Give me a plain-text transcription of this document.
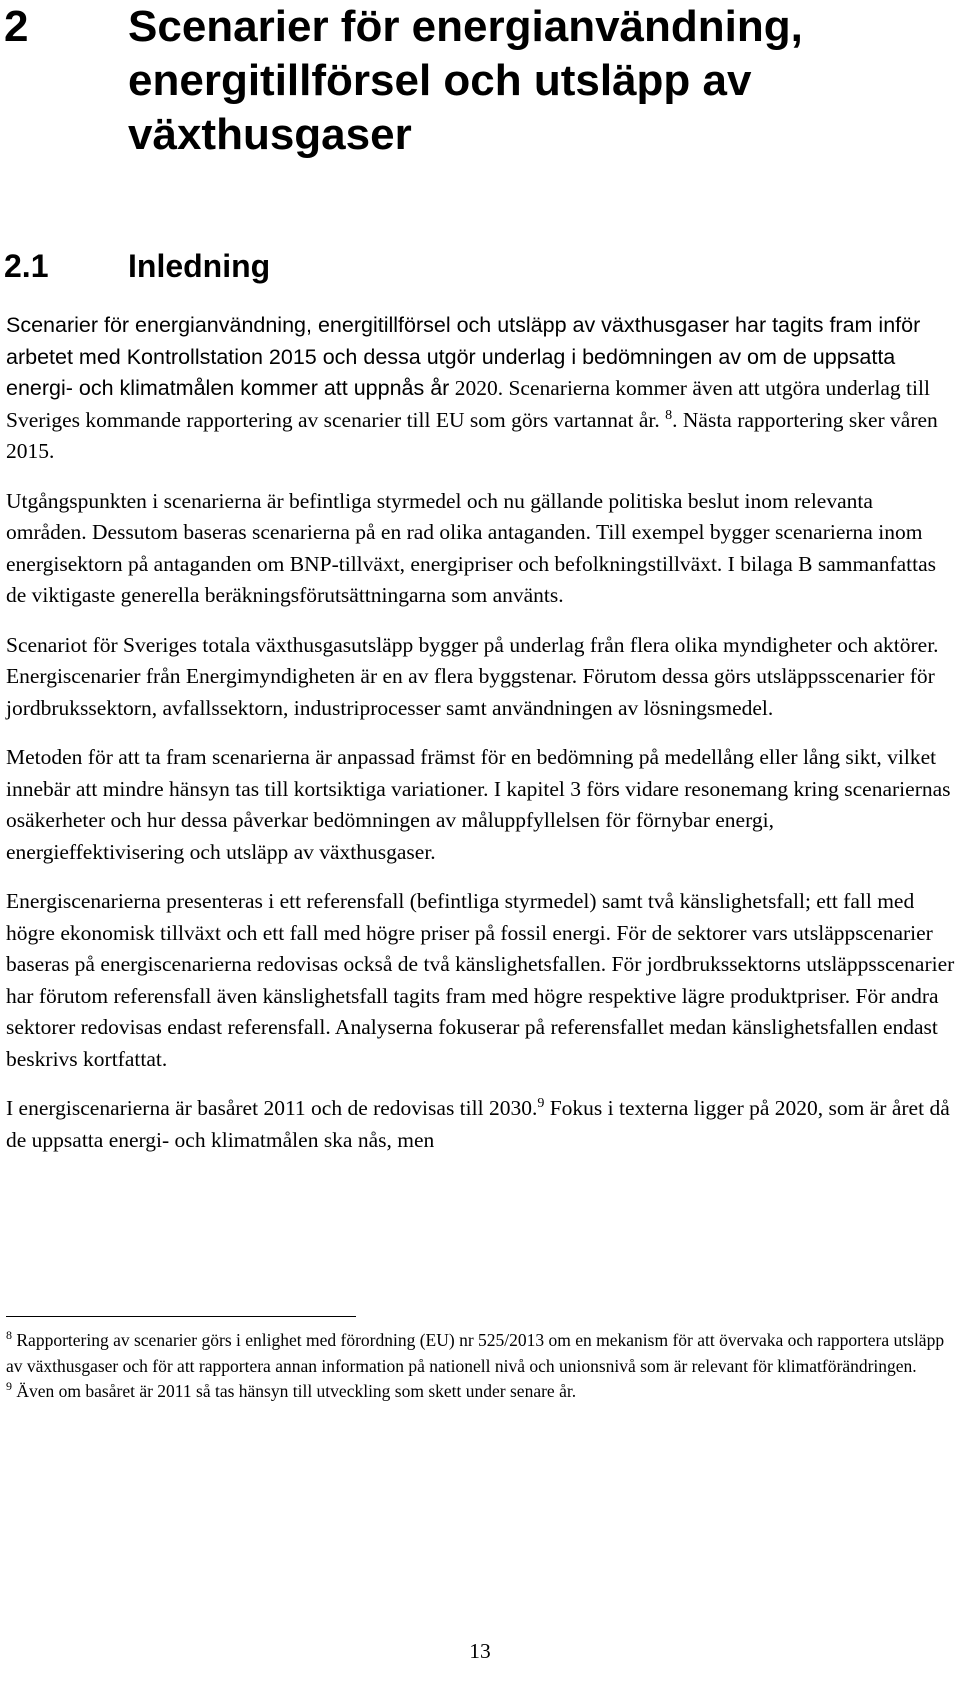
2 Scenarier för energianvändning,
energitillförsel och utsläpp av
växthusgaser
2.1 Inledning

Scenarier för energianvändning, energitillförsel och utsläpp av växthusgaser har tagits fram inför arbetet med Kontrollstation 2015 och dessa utgör underlag i bedömningen av om de uppsatta energi- och klimatmålen kommer att uppnås år 2020. Scenarierna kommer även att utgöra underlag till Sveriges kommande rapportering av scenarier till EU som görs vartannat år. $^8$. Nästa rapportering sker våren 2015.

Utgångspunkten i scenarierna är befintliga styrmedel och nu gällande politiska beslut inom relevanta områden. Dessutom baseras scenarierna på en rad olika antaganden. Till exempel bygger scenarierna inom energisektorn på antaganden om BNP-tillväxt, energipriser och befolkningstillväxt. I bilaga B sammanfattas de viktigaste generella beräkningsförutsättningarna som använts.

Scenariot för Sveriges totala växthusgasutsläpp bygger på underlag från flera olika myndigheter och aktörer. Energiscenarier från Energimyndigheten är en av flera byggstenar. Förutom dessa görs utsläppsscenarier för jordbrukssektorn, avfallssektorn, industriprocesser samt användningen av lösningsmedel.

Metoden för att ta fram scenarierna är anpassad främst för en bedömning på medellång eller lång sikt, vilket innebär att mindre hänsyn tas till kortsiktiga variationer. I kapitel 3 förs vidare resonemang kring scenariernas osäkerheter och hur dessa påverkar bedömningen av måluppfyllelsen för förnybar energi, energieffektivisering och utsläpp av växthusgaser.

Energiscenarierna presenteras i ett referensfall (befintliga styrmedel) samt två känslighetsfall; ett fall med högre ekonomisk tillväxt och ett fall med högre priser på fossil energi. För de sektorer vars utsläppscenarier baseras på energiscenarierna redovisas också de två känslighetsfallen. För jordbrukssektorns utsläppsscenarier har förutom referensfall även känslighetsfall tagits fram med högre respektive lägre produktpriser. För andra sektorer redovisas endast referensfall. Analyserna fokuserar på referensfallet medan känslighetsfallen endast beskrivs kortfattat.

I energiscenarierna är basåret 2011 och de redovisas till 2030.$^9$ Fokus i texterna ligger på 2020, som är året då de uppsatta energi- och klimatmålen ska nås, men

$^8$ Rapportering av scenarier görs i enlighet med förordning (EU) nr 525/2013 om en mekanism för att övervaka och rapportera utsläpp av växthusgaser och för att rapportera annan information på nationell nivå och unionsnivå som är relevant för klimatförändringen.

$^9$ Även om basåret är 2011 så tas hänsyn till utveckling som skett under senare år.

13
